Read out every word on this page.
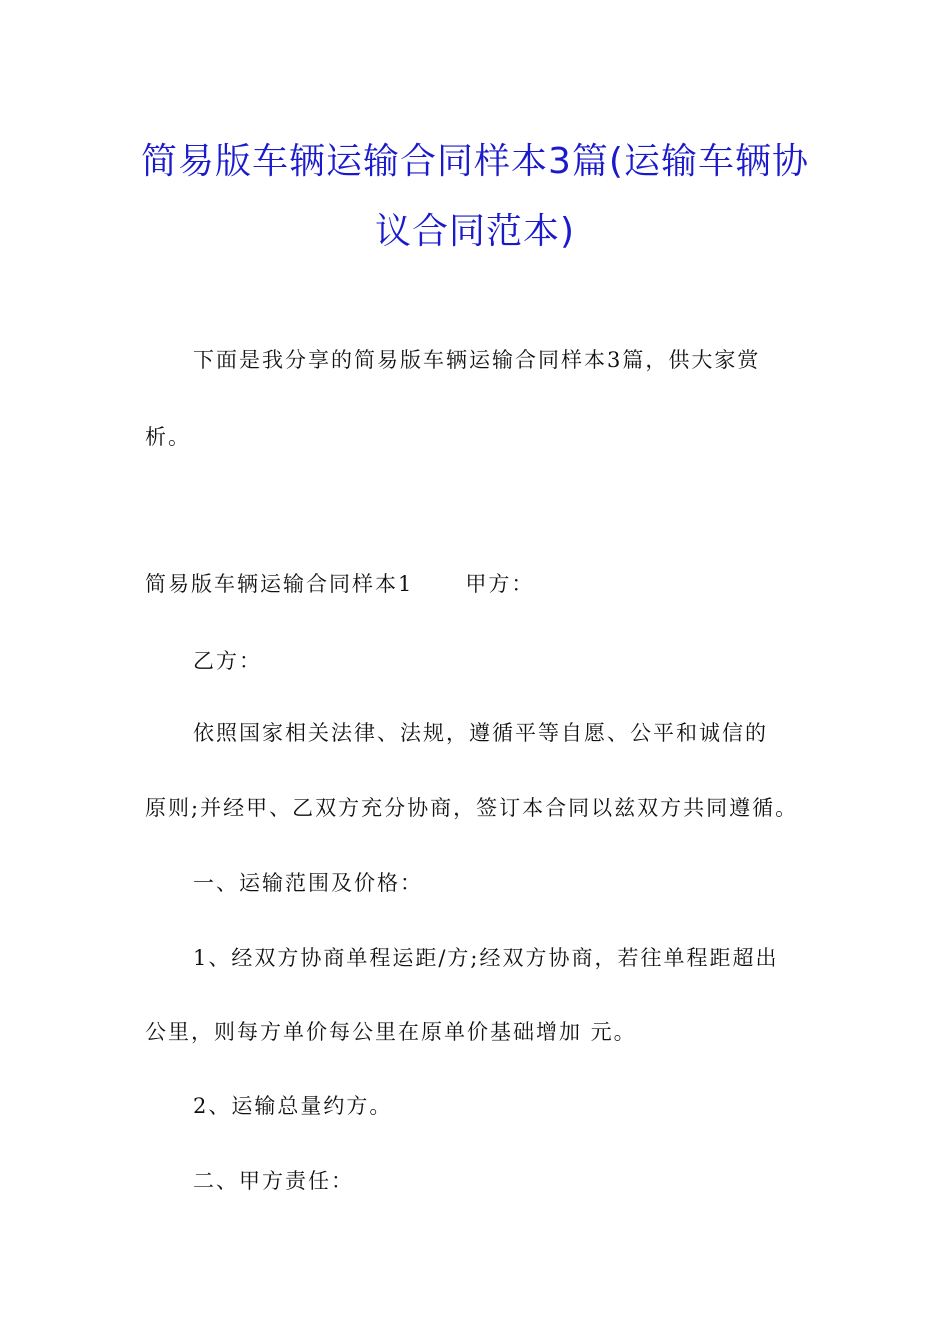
简易版车辆运输合同样本3篇(运输车辆协
议合同范本)
下面是我分享的简易版车辆运输合同样本3篇，供大家赏
析。
简易版车辆运输合同样本1 甲方：
乙方：
依照国家相关法律、法规，遵循平等自愿、公平和诚信的
原则;并经甲、乙双方充分协商，签订本合同以兹双方共同遵循。
一、运输范围及价格：
1、经双方协商单程运距/方;经双方协商，若往单程距超出
公里，则每方单价每公里在原单价基础增加 元。
2、运输总量约方。
二、甲方责任：
